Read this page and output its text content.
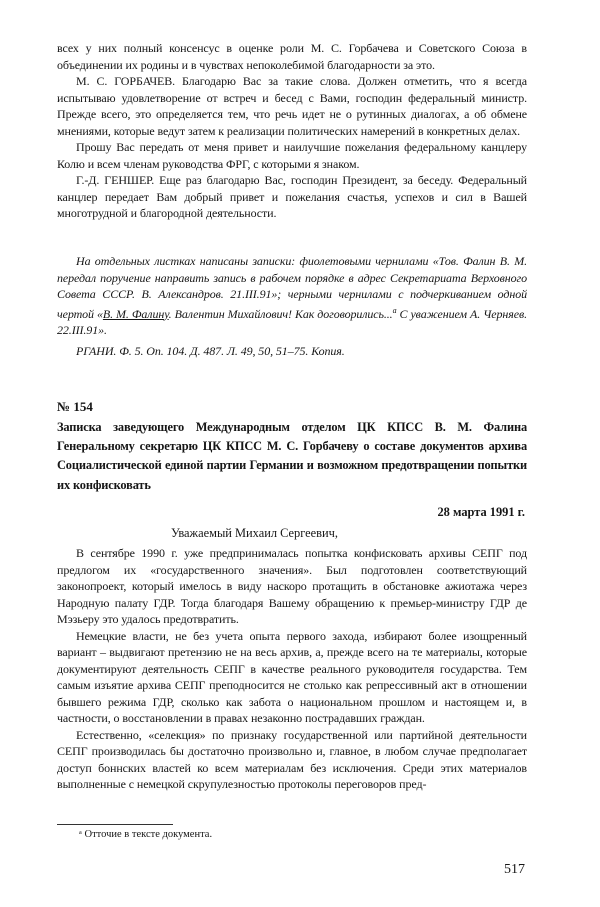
всех у них полный консенсус в оценке роли М. С. Горбачева и Советского Союза в объединении их родины и в чувствах непоколебимой благодарности за это.

М. С. ГОРБАЧЕВ. Благодарю Вас за такие слова. Должен отметить, что я всегда испытываю удовлетворение от встреч и бесед с Вами, господин федеральный министр. Прежде всего, это определяется тем, что речь идет не о рутинных диалогах, а об обмене мнениями, которые ведут затем к реализации политических намерений в конкретных делах.

Прошу Вас передать от меня привет и наилучшие пожелания федеральному канцлеру Колю и всем членам руководства ФРГ, с которыми я знаком.

Г.-Д. ГЕНШЕР. Еще раз благодарю Вас, господин Президент, за беседу. Федеральный канцлер передает Вам добрый привет и пожелания счастья, успехов и сил в Вашей многотрудной и благородной деятельности.

На отдельных листках написаны записки: фиолетовыми чернилами «Тов. Фалин В. М. передал поручение направить запись в рабочем порядке в адрес Секретариата Верховного Совета СССР. В. Александров. 21.III.91»; черными чернилами с подчеркиванием одной чертой «В. М. Фалину. Валентин Михайлович! Как договорились...$^а$ С уважением А. Черняев. 22.III.91».

РГАНИ. Ф. 5. Оп. 104. Д. 487. Л. 49, 50, 51–75. Копия.

№ 154
Записка заведующего Международным отделом ЦК КПСС В. М. Фалина Генеральному секретарю ЦК КПСС М. С. Горбачеву о составе документов архива Социалистической единой партии Германии и возможном предотвращении попытки их конфисковать
28 марта 1991 г.
Уважаемый Михаил Сергеевич,

В сентябре 1990 г. уже предпринималась попытка конфисковать архивы СЕПГ под предлогом их «государственного значения». Был подготовлен соответствующий законопроект, который имелось в виду наскоро протащить в обстановке ажиотажа через Народную палату ГДР. Тогда благодаря Вашему обращению к премьер-министру ГДР де Мэзьеру это удалось предотвратить.

Немецкие власти, не без учета опыта первого захода, избирают более изощренный вариант – выдвигают претензию не на весь архив, а, прежде всего на те материалы, которые документируют деятельность СЕПГ в качестве реального руководителя государства. Тем самым изъятие архива СЕПГ преподносится не столько как репрессивный акт в отношении бывшего режима ГДР, сколько как забота о национальном прошлом и настоящем и, в частности, о восстановлении в правах незаконно пострадавших граждан.

Естественно, «селекция» по признаку государственной или партийной деятельности СЕПГ производилась бы достаточно произвольно и, главное, в любом случае предполагает доступ боннских властей ко всем материалам без исключения. Среди этих материалов выполненные с немецкой скрупулезностью протоколы переговоров пред-

ᵃ Отточие в тексте документа.
517
